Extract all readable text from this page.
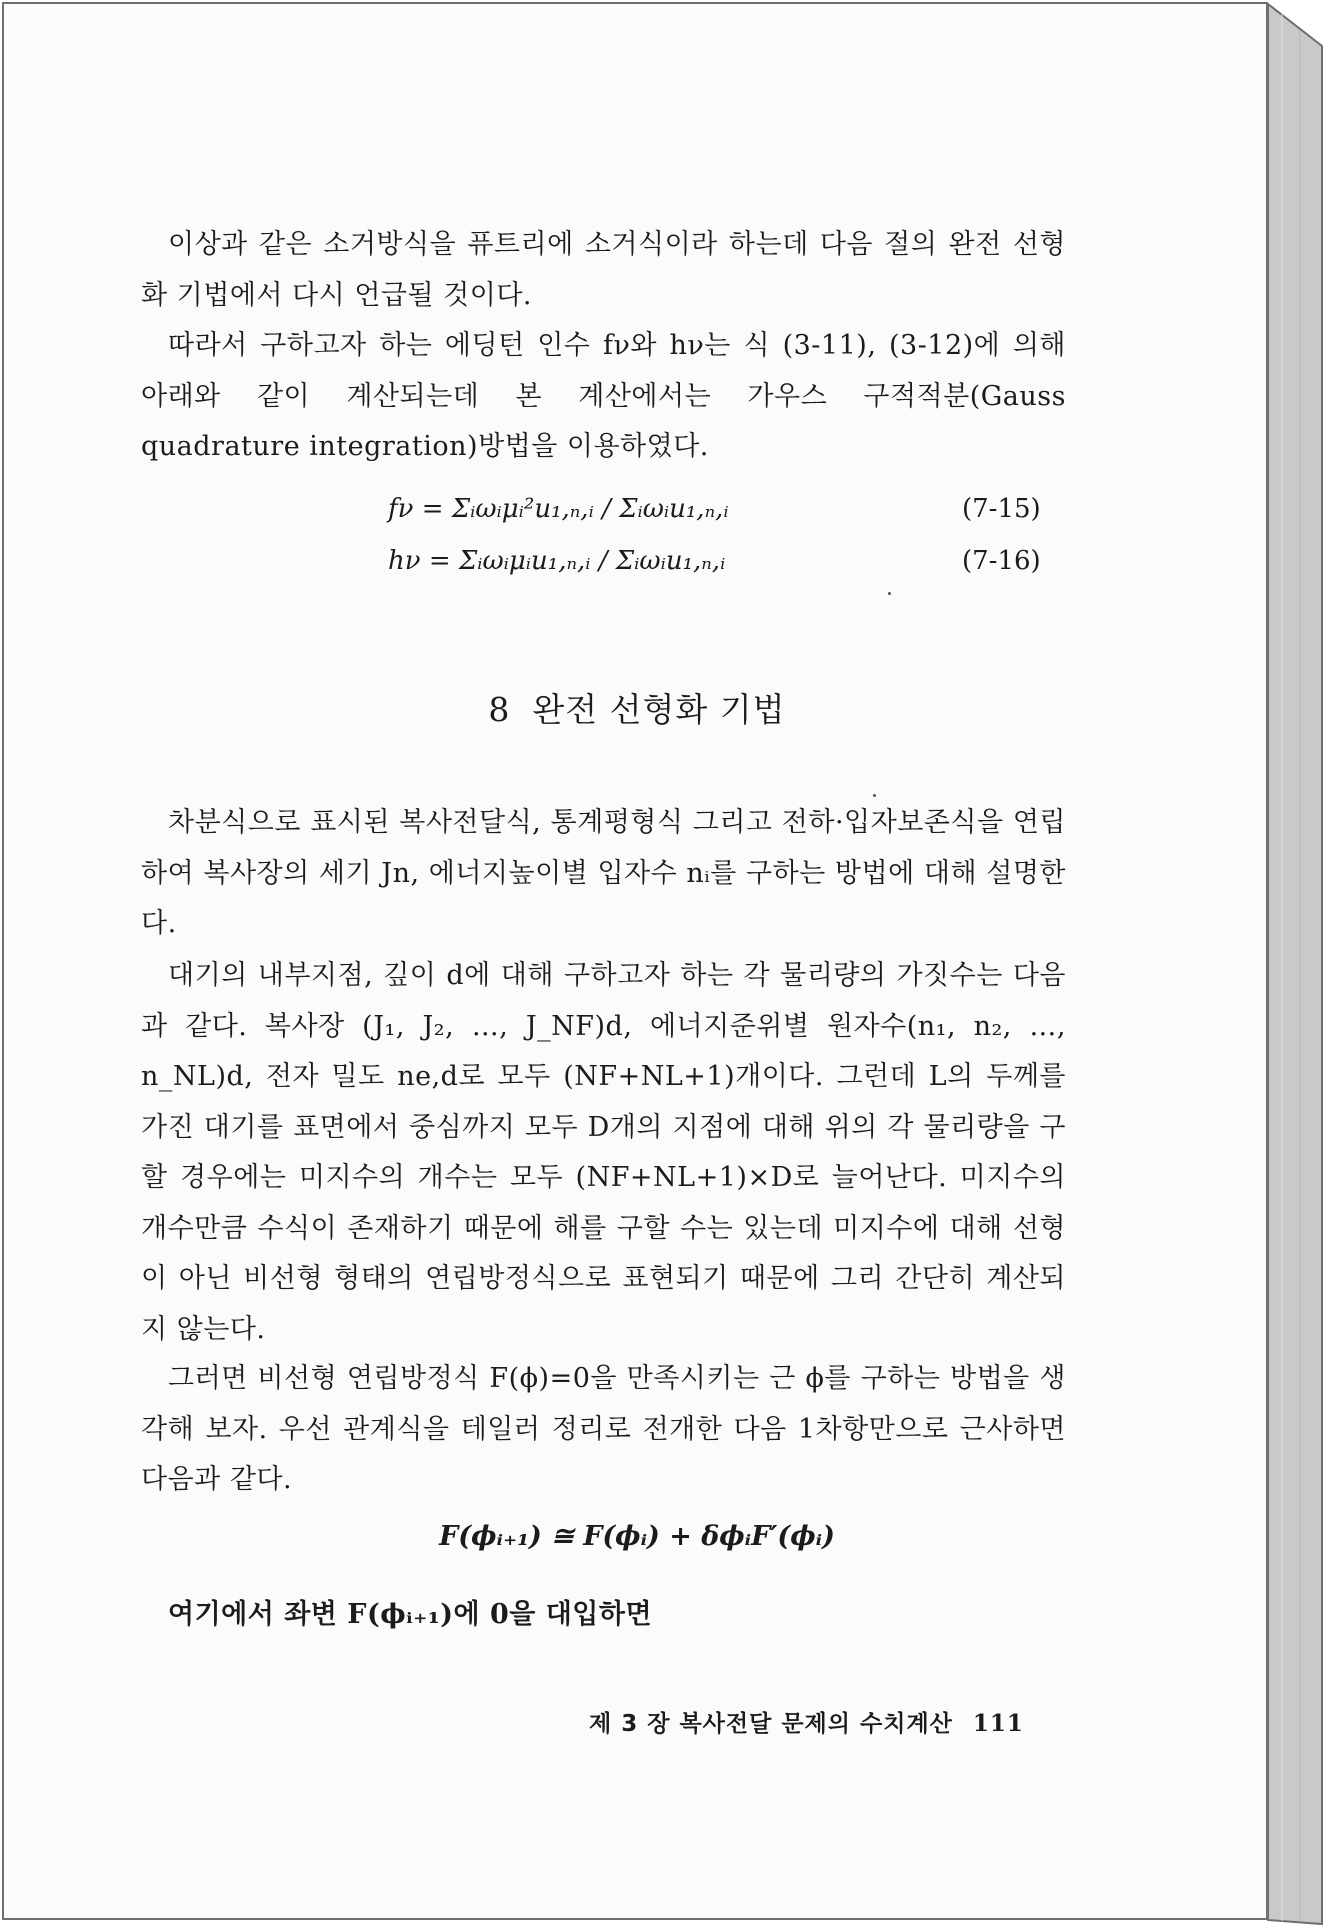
이상과 같은 소거방식을 퓨트리에 소거식이라 하는데 다음 절의 완전 선형화 기법에서 다시 언급될 것이다.

따라서 구하고자 하는 에딩턴 인수 fν와 hν는 식 (3-11), (3-12)에 의해 아래와 같이 계산되는데 본 계산에서는 가우스 구적적분(Gauss quadrature integration)방법을 이용하였다.

fν = Σᵢωᵢμᵢ²u₁,ₙ,ᵢ / Σᵢωᵢu₁,ₙ,ᵢ	(7-15)
hν = Σᵢωᵢμᵢu₁,ₙ,ᵢ / Σᵢωᵢu₁,ₙ,ᵢ	(7-16)
8 완전 선형화 기법

차분식으로 표시된 복사전달식, 통계평형식 그리고 전하·입자보존식을 연립하여 복사장의 세기 Jn, 에너지높이별 입자수 nᵢ를 구하는 방법에 대해 설명한다.

대기의 내부지점, 깊이 d에 대해 구하고자 하는 각 물리량의 가짓수는 다음과 같다. 복사장 (J₁, J₂, …, J_NF)d, 에너지준위별 원자수(n₁, n₂, …, n_NL)d, 전자 밀도 ne,d로 모두 (NF+NL+1)개이다. 그런데 L의 두께를 가진 대기를 표면에서 중심까지 모두 D개의 지점에 대해 위의 각 물리량을 구할 경우에는 미지수의 개수는 모두 (NF+NL+1)×D로 늘어난다. 미지수의 개수만큼 수식이 존재하기 때문에 해를 구할 수는 있는데 미지수에 대해 선형이 아닌 비선형 형태의 연립방정식으로 표현되기 때문에 그리 간단히 계산되지 않는다.

그러면 비선형 연립방정식 F(ϕ)=0을 만족시키는 근 ϕ를 구하는 방법을 생각해 보자. 우선 관계식을 테일러 정리로 전개한 다음 1차항만으로 근사하면 다음과 같다.

F(ϕᵢ₊₁) ≅ F(ϕᵢ) + δϕᵢF′(ϕᵢ)

여기에서 좌변 F(ϕᵢ₊₁)에 0을 대입하면

제 3 장 복사전달 문제의 수치계산 111
